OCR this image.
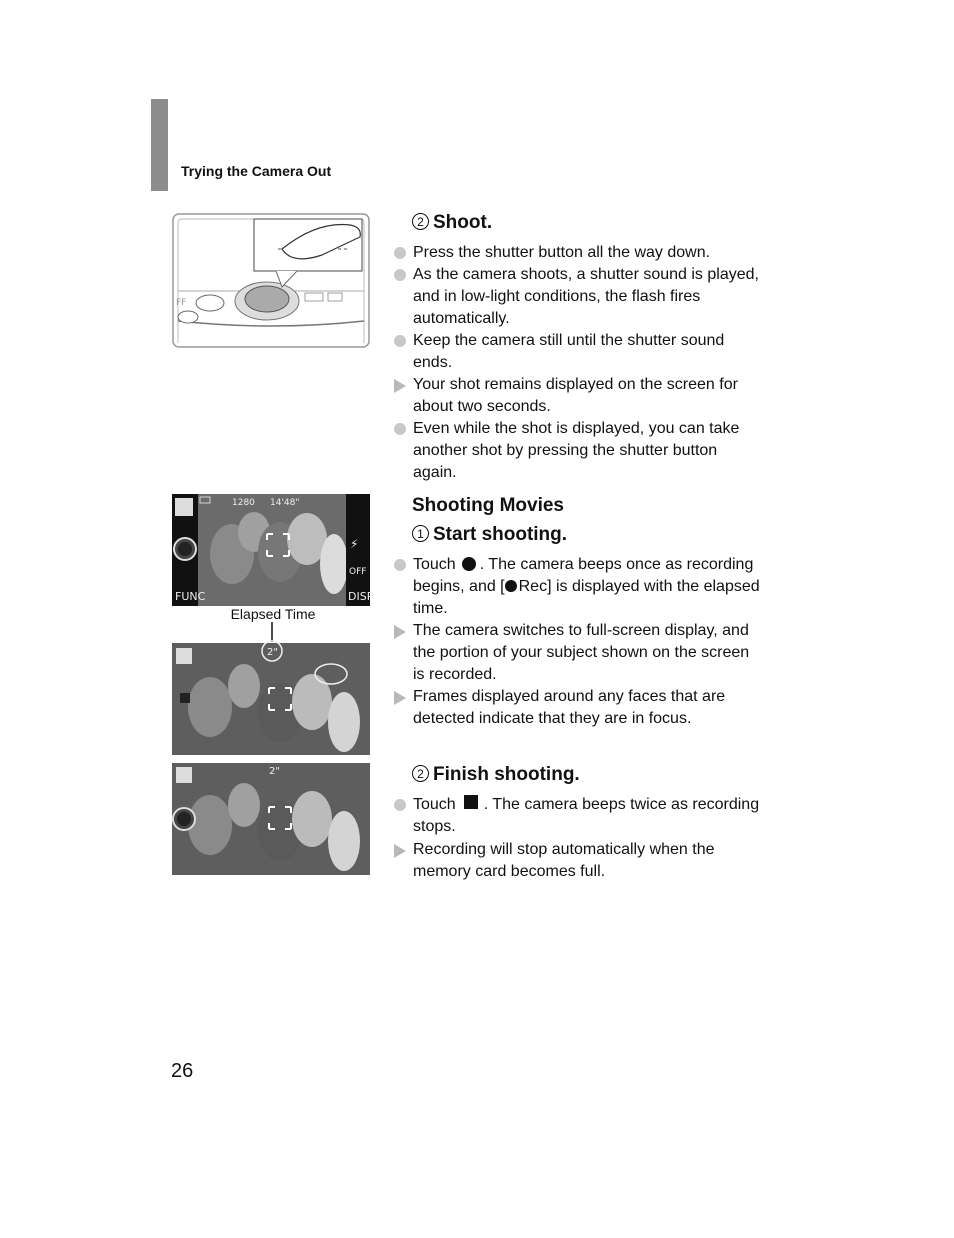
Trying the Camera Out
FF
FUNC	DISP
OFF
⚡
1280 14'48"
Elapsed Time
2"
2"
2 Shoot.
Press the shutter button all the way down.
As the camera shoots, a shutter sound is played, and in low-light conditions, the flash fires automatically.
Keep the camera still until the shutter sound ends.
Your shot remains displayed on the screen for about two seconds.
Even while the shot is displayed, you can take another shot by pressing the shutter button again.
Shooting Movies
1 Start shooting.
Touch . The camera beeps once as recording begins, and [ Rec] is displayed with the elapsed time.
The camera switches to full-screen display, and the portion of your subject shown on the screen is recorded.
Frames displayed around any faces that are detected indicate that they are in focus.
2 Finish shooting.
Touch . The camera beeps twice as recording stops.
Recording will stop automatically when the memory card becomes full.
26
